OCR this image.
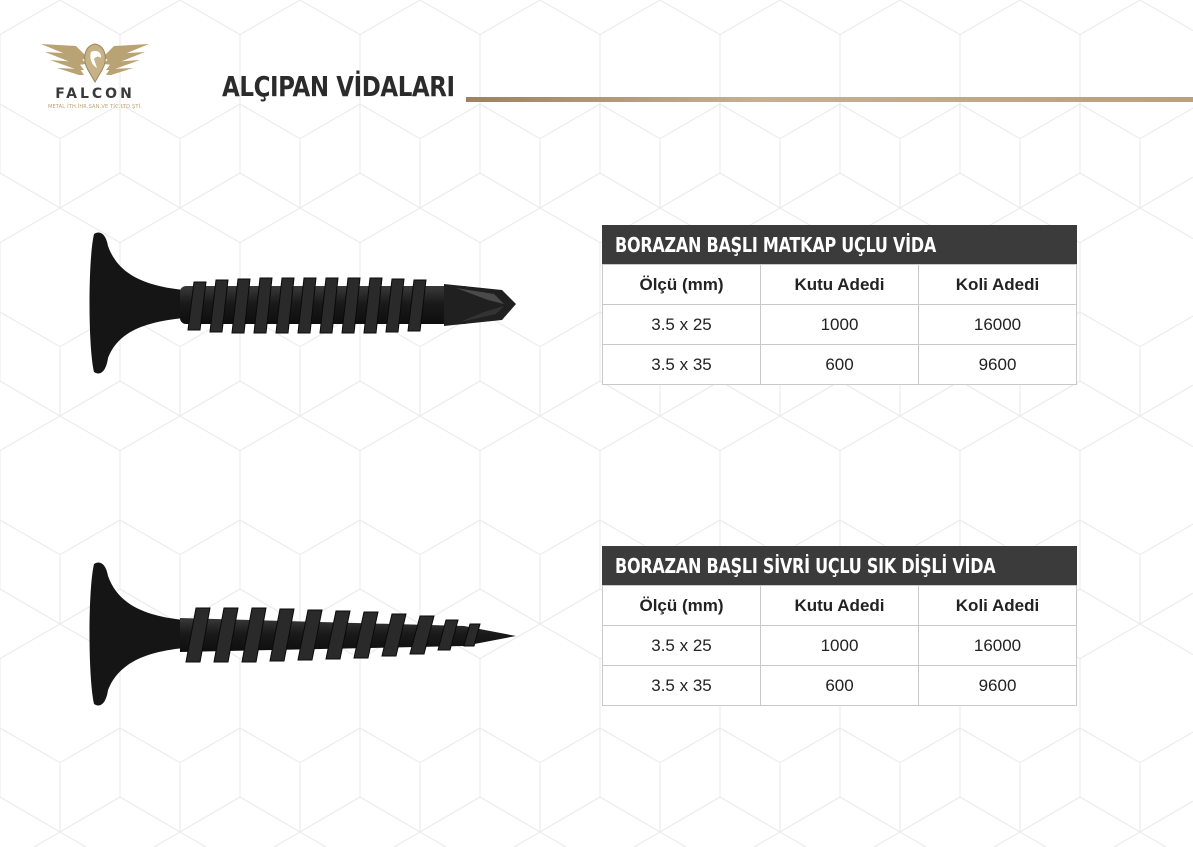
FALCON
METAL İTH.İHR.SAN.VE TİC.LTD.ŞTİ.
ALÇIPAN VİDALARI
BORAZAN BAŞLI MATKAP UÇLU VİDA
Ölçü (mm)	Kutu Adedi	Koli Adedi
3.5 x 25	1000	16000
3.5 x 35	600	9600
BORAZAN BAŞLI SİVRİ UÇLU SIK DİŞLİ VİDA
Ölçü (mm)	Kutu Adedi	Koli Adedi
3.5 x 25	1000	16000
3.5 x 35	600	9600
